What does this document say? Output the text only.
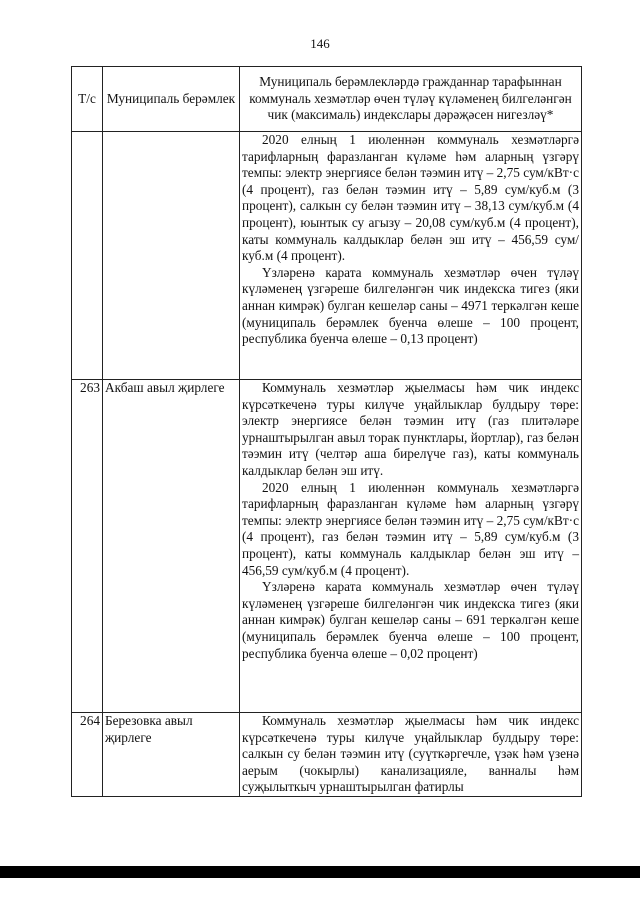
146
Т/с	Муниципаль берәмлек	Муниципаль берәмлекләрдә гражданнар тарафыннан коммуналь хезмәтләр өчен түләү күләменең билгеләнгән чик (максималь) индекслары дәрәҗәсен нигезләү*

		2020 елның 1 июленнән коммуналь хезмәтләргә тарифларның фаразланган күләме һәм аларның үзгәрү темпы: электр энергиясе белән тәэмин итү – 2,75 сум/кВт·с (4 процент), газ белән тәэмин итү – 5,89 сум/куб.м (3 процент), салкын су белән тәэмин итү – 38,13 сум/куб.м (4 процент), юынтык су агызу – 20,08 сум/куб.м (4 процент), каты коммуналь калдыклар белән эш итү – 456,59 сум/куб.м (4 процент).

Үзләренә карата коммуналь хезмәтләр өчен түләү күләменең үзгәреше билгеләнгән чик индекска тигез (яки аннан кимрәк) булган кешеләр саны – 4971 теркәлгән кеше (муниципаль берәмлек буенча өлеше – 100 процент, республика буенча өлеше – 0,13 процент)

263	Акбаш авыл җирлеге	Коммуналь хезмәтләр җыелмасы һәм чик индекс күрсәткеченә туры килүче уңайлыклар булдыру төре: электр энергиясе белән тәэмин итү (газ плитәләре урнаштырылган авыл торак пунктлары, йортлар), газ белән тәэмин итү (челтәр аша бирелүче газ), каты коммуналь калдыклар белән эш итү.

2020 елның 1 июленнән коммуналь хезмәтләргә тарифларның фаразланган күләме һәм аларның үзгәрү темпы: электр энергиясе белән тәэмин итү – 2,75 сум/кВт·с (4 процент), газ белән тәэмин итү – 5,89 сум/куб.м (3 процент), каты коммуналь калдыклар белән эш итү – 456,59 сум/куб.м (4 процент).

Үзләренә карата коммуналь хезмәтләр өчен түләү күләменең үзгәреше билгеләнгән чик индекска тигез (яки аннан кимрәк) булган кешеләр саны – 691 теркәлгән кеше (муниципаль берәмлек буенча өлеше – 100 процент, республика буенча өлеше – 0,02 процент)

264	Березовка авыл җирлеге	Коммуналь хезмәтләр җыелмасы һәм чик индекс күрсәткеченә туры килүче уңайлыклар булдыру төре: салкын су белән тәэмин итү (суүткәргечле, үзәк һәм үзенә аерым (чокырлы) канализацияле, ванналы һәм суҗылыткыч урнаштырылган фатирлы
